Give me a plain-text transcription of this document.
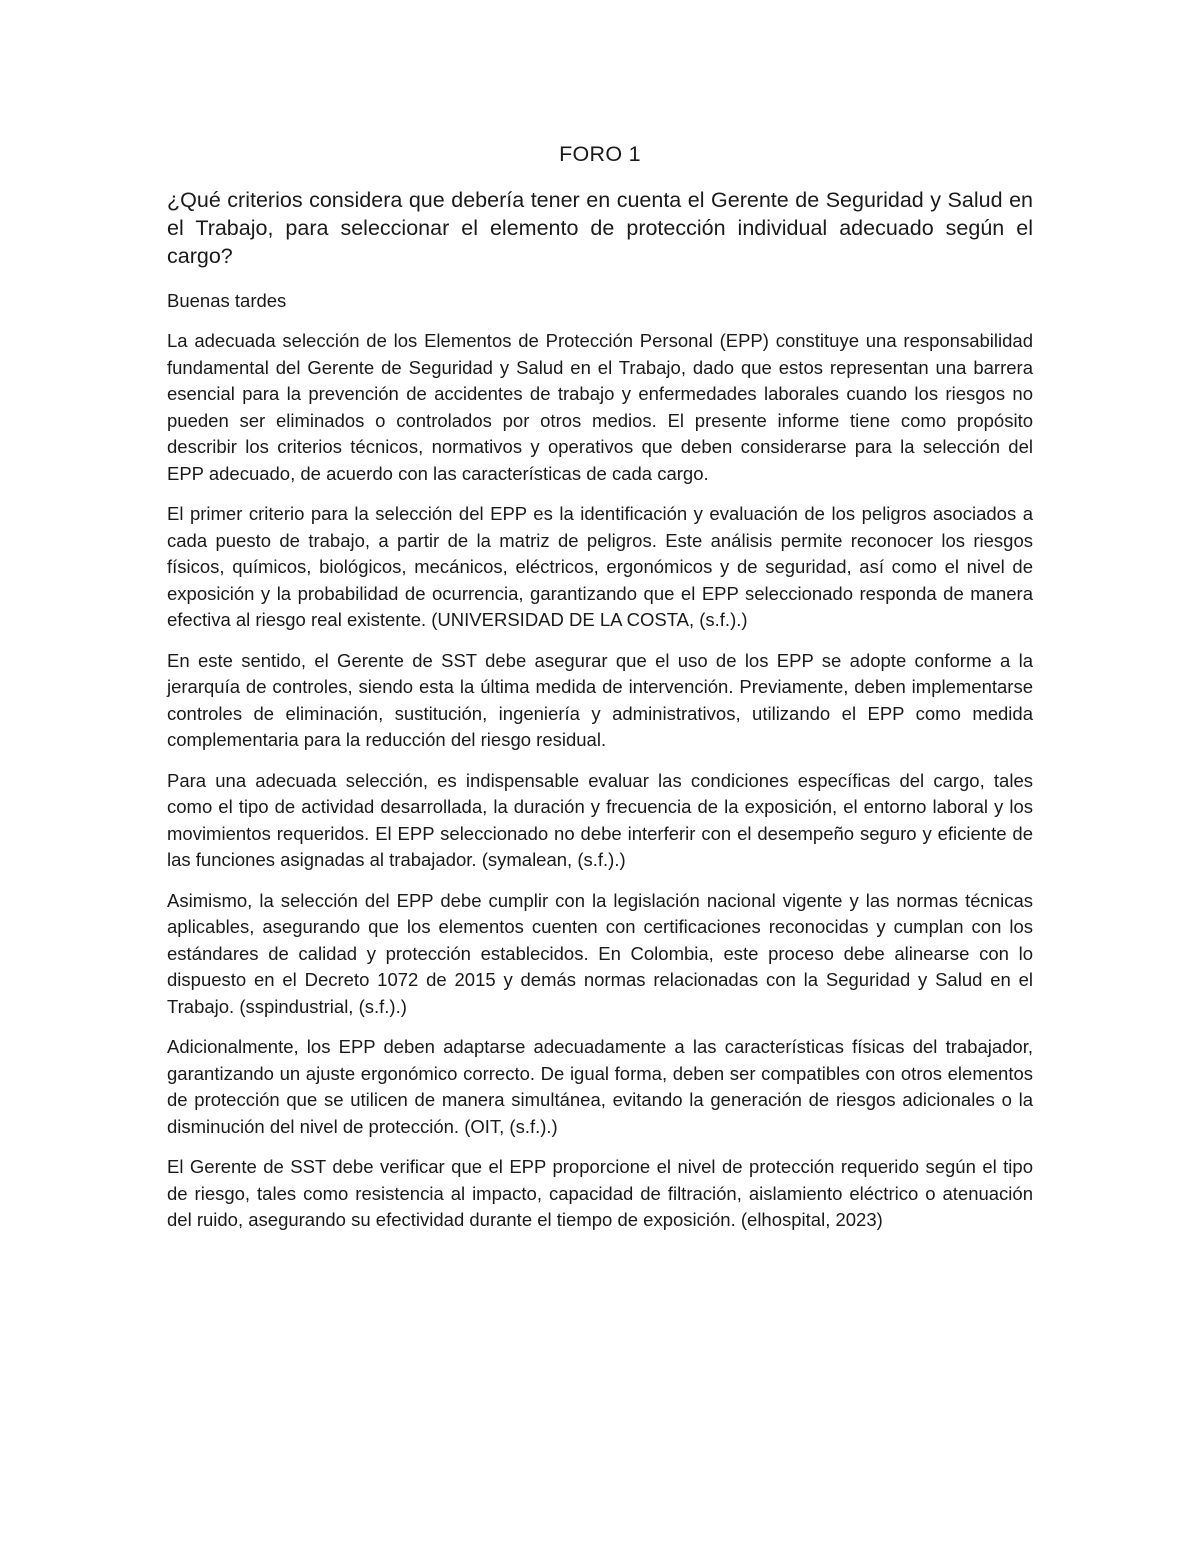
FORO 1

¿Qué criterios considera que debería tener en cuenta el Gerente de Seguridad y Salud en el Trabajo, para seleccionar el elemento de protección individual adecuado según el cargo?

Buenas tardes

La adecuada selección de los Elementos de Protección Personal (EPP) constituye una responsabilidad fundamental del Gerente de Seguridad y Salud en el Trabajo, dado que estos representan una barrera esencial para la prevención de accidentes de trabajo y enfermedades laborales cuando los riesgos no pueden ser eliminados o controlados por otros medios. El presente informe tiene como propósito describir los criterios técnicos, normativos y operativos que deben considerarse para la selección del EPP adecuado, de acuerdo con las características de cada cargo.

El primer criterio para la selección del EPP es la identificación y evaluación de los peligros asociados a cada puesto de trabajo, a partir de la matriz de peligros. Este análisis permite reconocer los riesgos físicos, químicos, biológicos, mecánicos, eléctricos, ergonómicos y de seguridad, así como el nivel de exposición y la probabilidad de ocurrencia, garantizando que el EPP seleccionado responda de manera efectiva al riesgo real existente. (UNIVERSIDAD DE LA COSTA, (s.f.).)

En este sentido, el Gerente de SST debe asegurar que el uso de los EPP se adopte conforme a la jerarquía de controles, siendo esta la última medida de intervención. Previamente, deben implementarse controles de eliminación, sustitución, ingeniería y administrativos, utilizando el EPP como medida complementaria para la reducción del riesgo residual.

Para una adecuada selección, es indispensable evaluar las condiciones específicas del cargo, tales como el tipo de actividad desarrollada, la duración y frecuencia de la exposición, el entorno laboral y los movimientos requeridos. El EPP seleccionado no debe interferir con el desempeño seguro y eficiente de las funciones asignadas al trabajador. (symalean, (s.f.).)

Asimismo, la selección del EPP debe cumplir con la legislación nacional vigente y las normas técnicas aplicables, asegurando que los elementos cuenten con certificaciones reconocidas y cumplan con los estándares de calidad y protección establecidos. En Colombia, este proceso debe alinearse con lo dispuesto en el Decreto 1072 de 2015 y demás normas relacionadas con la Seguridad y Salud en el Trabajo. (sspindustrial, (s.f.).)

Adicionalmente, los EPP deben adaptarse adecuadamente a las características físicas del trabajador, garantizando un ajuste ergonómico correcto. De igual forma, deben ser compatibles con otros elementos de protección que se utilicen de manera simultánea, evitando la generación de riesgos adicionales o la disminución del nivel de protección. (OIT, (s.f.).)

El Gerente de SST debe verificar que el EPP proporcione el nivel de protección requerido según el tipo de riesgo, tales como resistencia al impacto, capacidad de filtración, aislamiento eléctrico o atenuación del ruido, asegurando su efectividad durante el tiempo de exposición. (elhospital, 2023)
